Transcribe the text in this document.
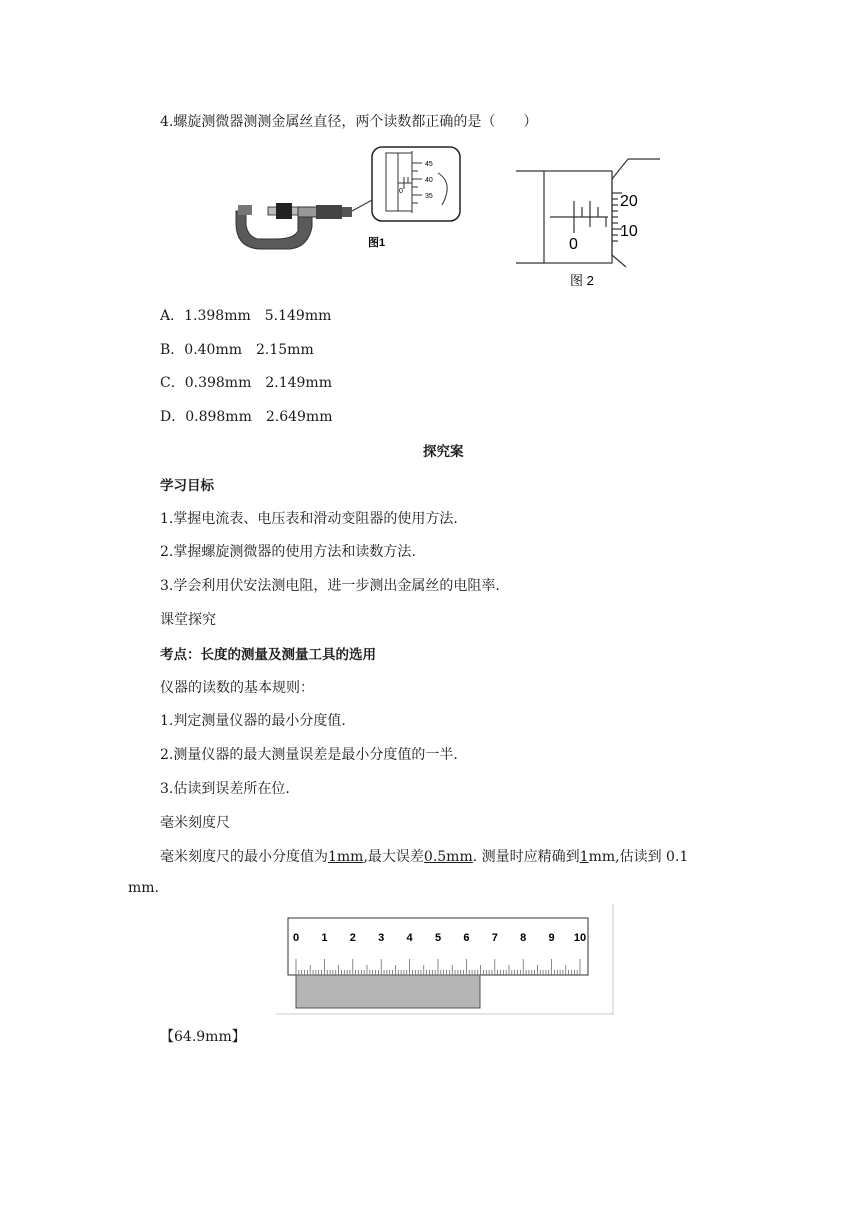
4.螺旋测微器测测金属丝直径，两个读数都正确的是（　　）
45
40
35
0
图1
20
10
0
图 2
A．1.398mm　5.149mm
B．0.40mm　2.15mm
C．0.398mm　2.149mm
D．0.898mm　2.649mm
探究案
学习目标
1.掌握电流表、电压表和滑动变阻器的使用方法.
2.掌握螺旋测微器的使用方法和读数方法.
3.学会利用伏安法测电阻，进一步测出金属丝的电阻率.
课堂探究
考点：长度的测量及测量工具的选用
仪器的读数的基本规则：
1.判定测量仪器的最小分度值.
2.测量仪器的最大测量误差是最小分度值的一半.
3.估读到误差所在位.
毫米刻度尺
毫米刻度尺的最小分度值为1mm,最大误差0.5mm. 测量时应精确到1mm,估读到 0.1
mm.
0 1 2 3 4 5 6 7 8 9 10
【64.9mm】
